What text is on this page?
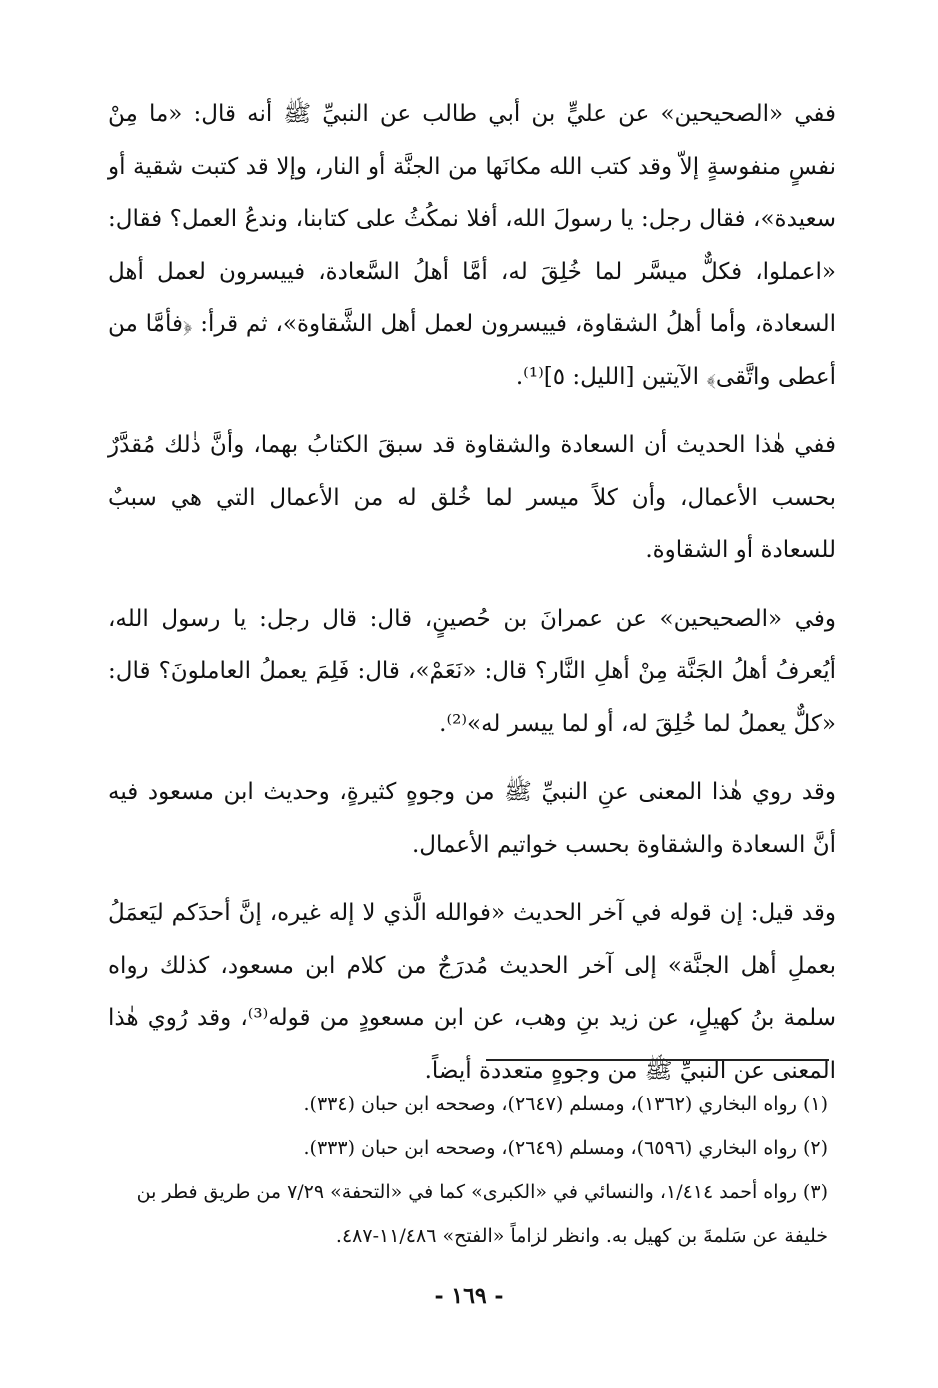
ففي «الصحيحين» عن عليٍّ بن أبي طالب عن النبيِّ ﷺ أنه قال: «ما مِنْ نفسٍ منفوسةٍ إلاّ وقد كتب الله مكانَها من الجنَّة أو النار، وإلا قد كتبت شقية أو سعيدة»، فقال رجل: يا رسولَ الله، أفلا نمكُثُ على كتابنا، وندعُ العمل؟ فقال: «اعملوا، فكلٌّ ميسَّر لما خُلِقَ له، أمَّا أهلُ السَّعادة، فييسرون لعمل أهل السعادة، وأما أهلُ الشقاوة، فييسرون لعمل أهل الشَّقاوة»، ثم قرأ: ﴿فأمَّا من أعطى واتَّقى﴾ الآيتين [الليل: ٥]⁽¹⁾.

ففي هٰذا الحديث أن السعادة والشقاوة قد سبقَ الكتابُ بهما، وأنَّ ذٰلك مُقدَّرٌ بحسب الأعمال، وأن كلاً ميسر لما خُلق له من الأعمال التي هي سببٌ للسعادة أو الشقاوة.

وفي «الصحيحين» عن عمرانَ بن حُصينٍ، قال: قال رجل: يا رسول الله، أيُعرفُ أهلُ الجَنَّة مِنْ أهلِ النَّار؟ قال: «نَعَمْ»، قال: فَلِمَ يعملُ العاملونَ؟ قال: «كلٌّ يعملُ لما خُلِقَ له، أو لما ييسر له»⁽²⁾.

وقد روي هٰذا المعنى عنِ النبيِّ ﷺ من وجوهٍ كثيرةٍ، وحديث ابن مسعود فيه أنَّ السعادة والشقاوة بحسب خواتيم الأعمال.

وقد قيل: إن قوله في آخر الحديث «فوالله الَّذي لا إله غيره، إنَّ أحدَكم ليَعمَلُ بعملِ أهل الجنَّة» إلى آخر الحديث مُدرَجٌ من كلام ابن مسعود، كذلك رواه سلمة بنُ كهيلٍ، عن زيد بنِ وهب، عن ابن مسعودٍ من قوله⁽³⁾، وقد رُوي هٰذا المعنى عن النبيِّ ﷺ من وجوهٍ متعددة أيضاً.

(١) رواه البخاري (١٣٦٢)، ومسلم (٢٦٤٧)، وصححه ابن حبان (٣٣٤).

(٢) رواه البخاري (٦٥٩٦)، ومسلم (٢٦٤٩)، وصححه ابن حبان (٣٣٣).

(٣) رواه أحمد ١/٤١٤، والنسائي في «الكبرى» كما في «التحفة» ٧/٢٩ من طريق فطر بن خليفة عن سَلمةَ بن كهيل به. وانظر لزاماً «الفتح» ١١/٤٨٦-٤٨٧.

- ١٦٩ -
